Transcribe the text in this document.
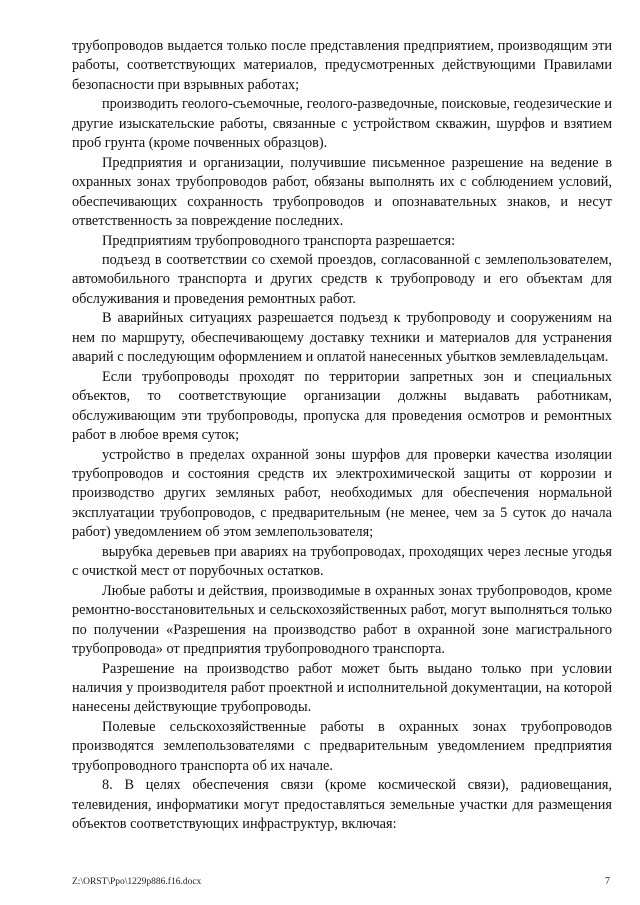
трубопроводов выдается только после представления предприятием, производящим эти работы, соответствующих материалов, предусмотренных действующими Правилами безопасности при взрывных работах;

производить геолого-съемочные, геолого-разведочные, поисковые, геодезические и другие изыскательские работы, связанные с устройством скважин, шурфов и взятием проб грунта (кроме почвенных образцов).

Предприятия и организации, получившие письменное разрешение на ведение в охранных зонах трубопроводов работ, обязаны выполнять их с соблюдением условий, обеспечивающих сохранность трубопроводов и опознавательных знаков, и несут ответственность за повреждение последних.

Предприятиям трубопроводного транспорта разрешается:

подъезд в соответствии со схемой проездов, согласованной с землепользователем, автомобильного транспорта и других средств к трубопроводу и его объектам для обслуживания и проведения ремонтных работ.

В аварийных ситуациях разрешается подъезд к трубопроводу и сооружениям на нем по маршруту, обеспечивающему доставку техники и материалов для устранения аварий с последующим оформлением и оплатой нанесенных убытков землевладельцам.

Если трубопроводы проходят по территории запретных зон и специальных объектов, то соответствующие организации должны выдавать работникам, обслуживающим эти трубопроводы, пропуска для проведения осмотров и ремонтных работ в любое время суток;

устройство в пределах охранной зоны шурфов для проверки качества изоляции трубопроводов и состояния средств их электрохимической защиты от коррозии и производство других земляных работ, необходимых для обеспечения нормальной эксплуатации трубопроводов, с предварительным (не менее, чем за 5 суток до начала работ) уведомлением об этом землепользователя;

вырубка деревьев при авариях на трубопроводах, проходящих через лесные угодья с очисткой мест от порубочных остатков.

Любые работы и действия, производимые в охранных зонах трубопроводов, кроме ремонтно-восстановительных и сельскохозяйственных работ, могут выполняться только по получении «Разрешения на производство работ в охранной зоне магистрального трубопровода» от предприятия трубопроводного транспорта.

Разрешение на производство работ может быть выдано только при условии наличия у производителя работ проектной и исполнительной документации, на которой нанесены действующие трубопроводы.

Полевые сельскохозяйственные работы в охранных зонах трубопроводов производятся землепользователями с предварительным уведомлением предприятия трубопроводного транспорта об их начале.

8. В целях обеспечения связи (кроме космической связи), радиовещания, телевидения, информатики могут предоставляться земельные участки для размещения объектов соответствующих инфраструктур, включая:

Z:\ORST\Ppo\1229p886.f16.docx	7
